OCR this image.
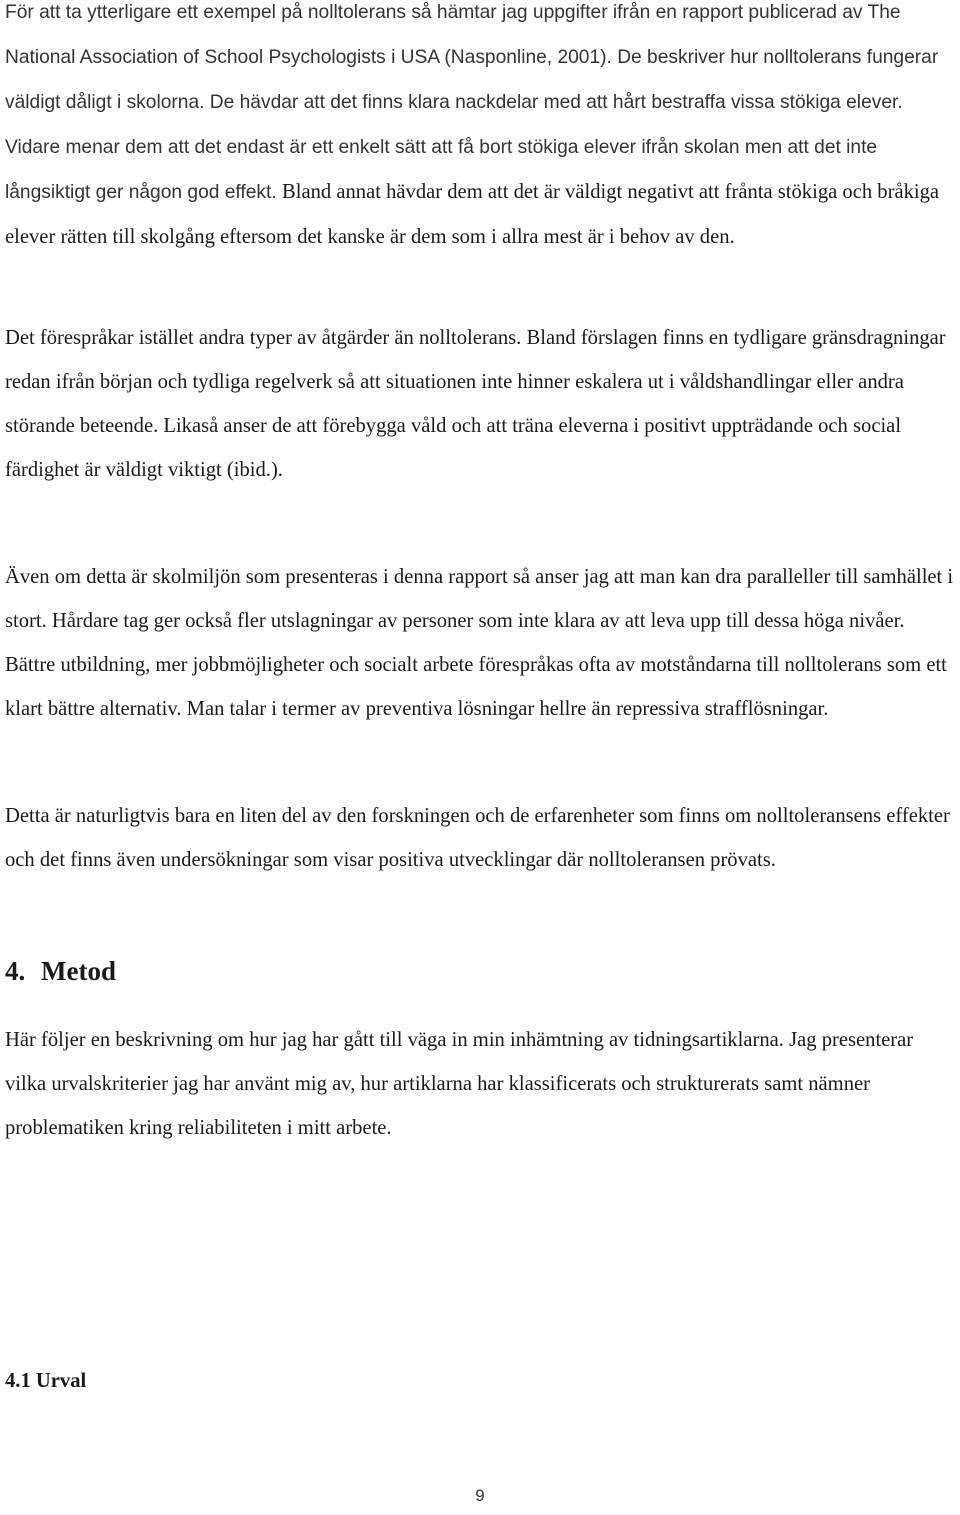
För att ta ytterligare ett exempel på nolltolerans så hämtar jag uppgifter ifrån en rapport publicerad av The National Association of School Psychologists i USA (Nasponline, 2001). De beskriver hur nolltolerans fungerar väldigt dåligt i skolorna. De hävdar att det finns klara nackdelar med att hårt bestraffa vissa stökiga elever. Vidare menar dem att det endast är ett enkelt sätt att få bort stökiga elever ifrån skolan men att det inte långsiktigt ger någon god effekt. Bland annat hävdar dem att det är väldigt negativt att frånta stökiga och bråkiga elever rätten till skolgång eftersom det kanske är dem som i allra mest är i behov av den.

Det förespråkar istället andra typer av åtgärder än nolltolerans. Bland förslagen finns en tydligare gränsdragningar redan ifrån början och tydliga regelverk så att situationen inte hinner eskalera ut i våldshandlingar eller andra störande beteende. Likaså anser de att förebygga våld och att träna eleverna i positivt uppträdande och social färdighet är väldigt viktigt (ibid.).

Även om detta är skolmiljön som presenteras i denna rapport så anser jag att man kan dra paralleller till samhället i stort. Hårdare tag ger också fler utslagningar av personer som inte klara av att leva upp till dessa höga nivåer. Bättre utbildning, mer jobbmöjligheter och socialt arbete förespråkas ofta av motståndarna till nolltolerans som ett klart bättre alternativ. Man talar i termer av preventiva lösningar hellre än repressiva strafflösningar.

Detta är naturligtvis bara en liten del av den forskningen och de erfarenheter som finns om nolltoleransens effekter och det finns även undersökningar som visar positiva utvecklingar där nolltoleransen prövats.

4. Metod

Här följer en beskrivning om hur jag har gått till väga in min inhämtning av tidningsartiklarna. Jag presenterar vilka urvalskriterier jag har använt mig av, hur artiklarna har klassificerats och strukturerats samt nämner problematiken kring reliabiliteten i mitt arbete.

4.1 Urval
9
